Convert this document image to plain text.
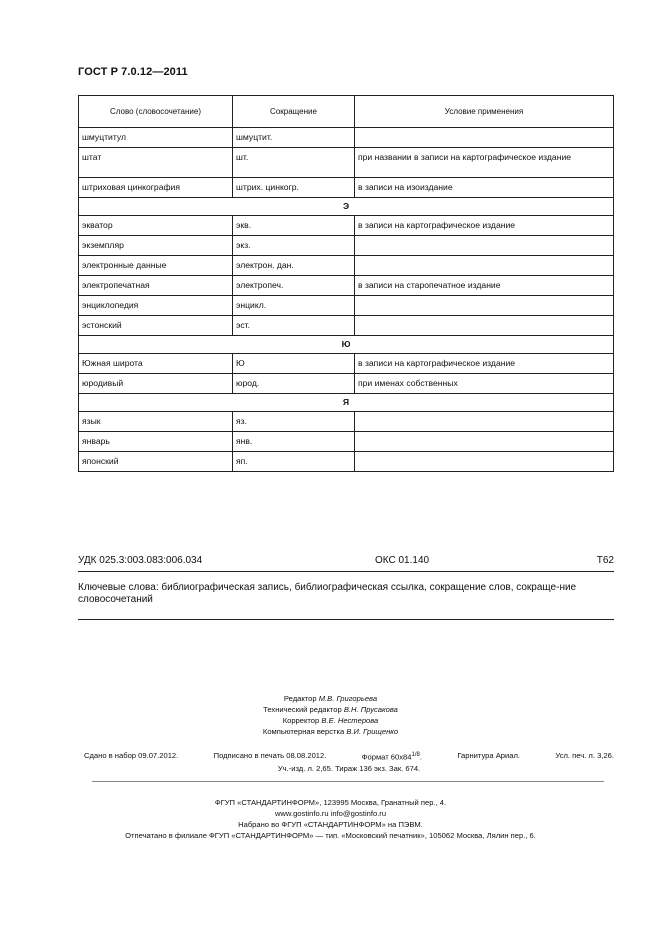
ГОСТ Р 7.0.12—2011
Слово (словосочетание)	Сокращение	Условие применения
шмуцтитул	шмуцтит.	
штат	шт.	при названии в записи на картографическое издание
штриховая цинкография	штрих. цинкогр.	в записи на изоиздание
Э		
экватор	экв.	в записи на картографическое издание
экземпляр	экз.	
электронные данные	электрон. дан.	
электропечатная	электропеч.	в записи на старопечатное издание
энциклопедия	энцикл.	
эстонский	эст.	
Ю		
Южная широта	Ю	в записи на картографическое издание
юродивый	юрод.	при именах собственных
Я		
язык	яз.	
январь	янв.	
японский	яп.	
УДК 025.3:003.083:006.034	ОКС 01.140	Т62
Ключевые слова: библиографическая запись, библиографическая ссылка, сокращение слов, сокраще-ние словосочетаний
Редактор М.В. Григорьева
Технический редактор В.Н. Прусакова
Корректор В.Е. Нестерова
Компьютерная верстка В.И. Грищенко
Сдано в набор 09.07.2012.	Подписано в печать 08.08.2012.	Формат $60x84^{1/8}$.	Гарнитура Ариал.	Усл. печ. л. 3,26.
Уч.-изд. л. 2,65. Тираж 136 экз. Зак. 674.
ФГУП «СТАНДАРТИНФОРМ», 123995 Москва, Гранатный пер., 4.
www.gostinfo.ru info@gostinfo.ru
Набрано во ФГУП «СТАНДАРТИНФОРМ» на ПЭВМ.
Отпечатано в филиале ФГУП «СТАНДАРТИНФОРМ» — тип. «Московский печатник», 105062 Москва, Лялин пер., 6.
